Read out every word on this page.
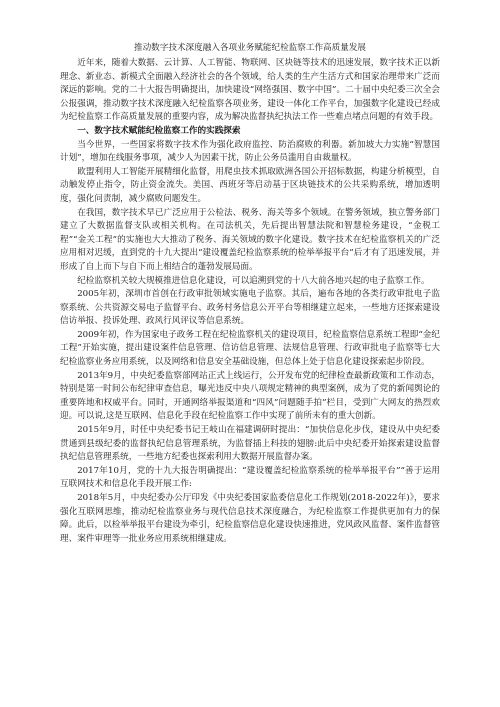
推动数字技术深度融入各项业务赋能纪检监察工作高质量发展

近年来，随着大数据、云计算、人工智能、物联网、区块链等技术的迅速发展，数字技术正以新理念、新业态、新模式全面融入经济社会的各个领域，给人类的生产生活方式和国家治理带来广泛而深远的影响。党的二十大报告明确提出，加快建设“网络强国、数字中国”。二十届中央纪委三次全会公报强调，推动数字技术深度融入纪检监察各项业务，建设一体化工作平台，加强数字化建设已经成为纪检监察工作高质量发展的重要内容，成为解决监督执纪执法工作一些难点堵点问题的有效手段。

一、数字技术赋能纪检监察工作的实践探索

当今世界，一些国家将数字技术作为强化政府监控、防治腐败的利器。新加坡大力实施“智慧国计划”，增加在线服务事项，减少人为因素干扰，防止公务员滥用自由裁量权。

欧盟利用人工智能开展精细化监督，用爬虫技术抓取欧洲各国公开招标数据，构建分析模型，自动触发停止指令，防止资金流失。美国、西班牙等启动基于区块链技术的公共采购系统，增加透明度，强化问责制，减少腐败问题发生。

在我国，数字技术早已广泛应用于公检法、税务、海关等多个领域。在警务领域，独立警务部门建立了大数据监督支队或相关机构。在司法机关，先后提出智慧法院和智慧检务建设，“金税工程”“金关工程”的实施也大大推动了税务、海关领域的数字化建设。数字技术在纪检监察机关的广泛应用相对迟缓，直到党的十九大提出“建设覆盖纪检监察系统的检举举报平台”后才有了迅速发展，并形成了自上而下与自下而上相结合的蓬勃发展局面。

纪检监察机关较大规模推进信息化建设，可以追溯到党的十八大前各地兴起的电子监察工作。

2005年初，深圳市首创在行政审批领域实施电子监察。其后，遍布各地的各类行政审批电子监察系统、公共资源交易电子监督平台、政务村务信息公开平台等相继建立起来，一些地方还探索建设信访举报、投诉处理、政风行风评议等信息系统。

2009年初，作为国家电子政务工程在纪检监察机关的建设项目，纪检监察信息系统工程即“金纪工程”开始实施，提出建设案件信息管理、信访信息管理、法规信息管理、行政审批电子监察等七大纪检监察业务应用系统，以及网络和信息安全基础设施，但总体上处于信息化建设探索起步阶段。

2013年9月，中央纪委监察部网站正式上线运行，公开发布党的纪律检查最新政策和工作动态，特别是第一时间公布纪律审查信息，曝光违反中央八项规定精神的典型案例，成为了党的新闻舆论的重要阵地和权威平台。同时，开通网络举报渠道和“四风”问题随手拍”栏目，受到广大网友的热烈欢迎。可以说,这是互联网、信息化手段在纪检监察工作中实现了前所未有的重大创新。

2015年9月，时任中央纪委书记王岐山在福建调研时提出：“加快信息化步伐，建设从中央纪委贯通到县级纪委的监督执纪信息管理系统，为监督插上科技的翅膀:此后中央纪委开始探索建设监督执纪信息管理系统，一些地方纪委也探索利用大数据开展监督办案。

2017年10月，党的十九大报告明确提出：“建设覆盖纪检监察系统的检举举报平台”“善于运用互联网技术和信息化手段开展工作:

2018年5月，中央纪委办公厅印发《中央纪委国家监委信息化工作规划(2018-2022年)》，要求强化互联网思维，推动纪检监察业务与现代信息技术深度融合，为纪检监察工作提供更加有力的保障。此后，以检举举报平台建设为牵引，纪检监察信息化建设快速推进，党风政风监督、案件监督管理、案件审理等一批业务应用系统相继建成。
